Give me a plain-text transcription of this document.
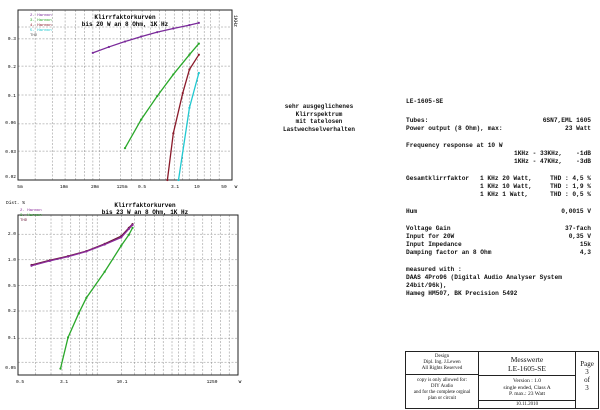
Klirrfaktorkurven
bis 20 W an 8 Ohm, 1K Hz	1KHz
2. Harmon
3. Harmon
4. Harmon
5. Harmon
THD
0.3
0.2
0.1
0.06
0.03
0.02
5m	10m	20m	125m 0.5	3.1	10	50 W
Dist. %	Klirrfaktorkurven
bis 23 W an 8 Ohm, 1K Hz
2. Harmon
3. Harmon
THD
2.0
1.0
0.5
0.2
0.1
0.05
0.5	3.1	10.1	1250	W
sehr ausgeglichenes
Klirrspektrum
mit tatelosen
Lastwechselverhalten
LE-1605-SE
Tubes:	6SN7,EML 1605
Power output (8 Ohm), max:	23 Watt
Frequency response at 10 W
1KHz - 33KHz, -1dB
1KHz - 47KHz, -3dB
Gesamtklirrfaktor 1 KHz 20 Watt,	THD : 4,5 %
1 KHz 10 Watt,	THD : 1,9 %
1 KHz 1 Watt,	THD : 0,5 %
Hum	0,0015 V
Voltage Gain	37-fach
Input for 20W	0,35 V
Input Impedance	15k
Damping factor an 8 Ohm	4,3
measured with :
DAAS 4Pro96 (Digital Audio Analyser System
24bit/96k),
Hameg HM507, BK Precision 5492
Design
Dipl. Ing. J.Lewen
All Rights Reserved
copy is only allowed for:
DIY Audio
and for the complete orginal
plan or circuit
Messwerte
LE-1605-SE
Version : 1.0
single ended, Class A
P. max.: 23 Watt
10.11.2010
Page
3
of
3
